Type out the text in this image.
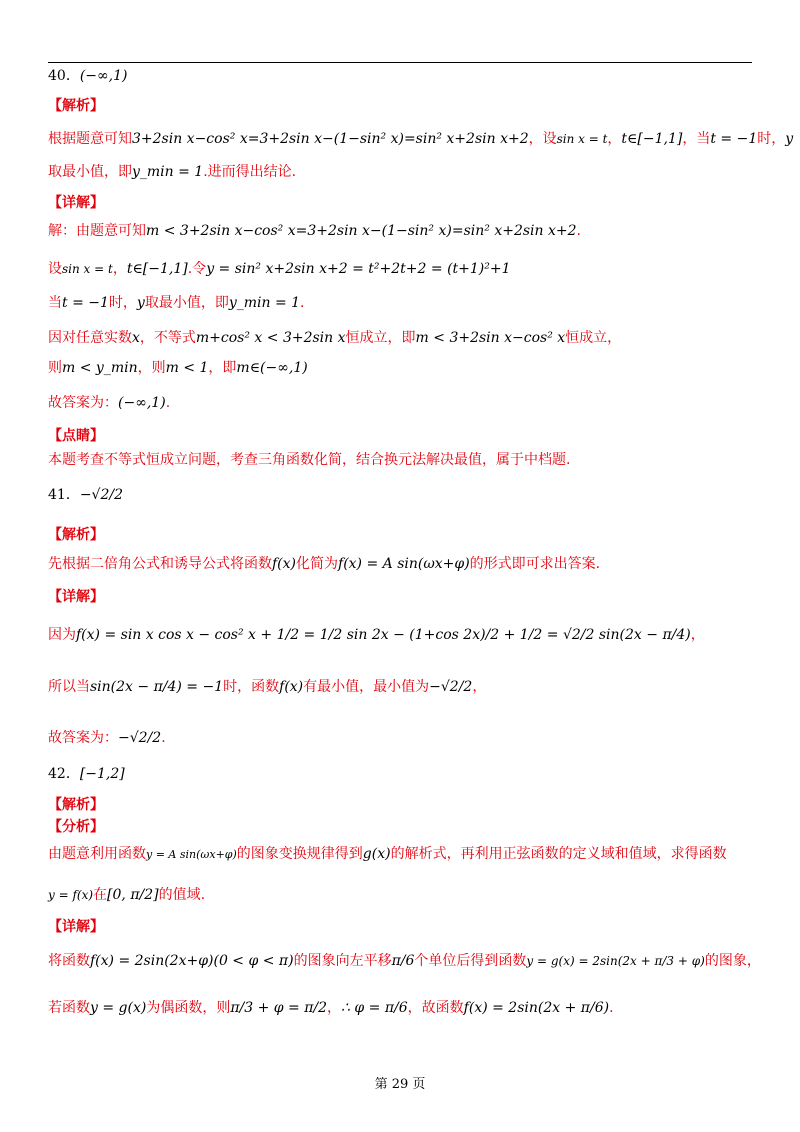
40．(−∞,1)
【解析】
根据题意可知3+2sin x−cos² x=3+2sin x−(1−sin² x)=sin² x+2sin x+2，设sin x = t，t∈[−1,1]，当t = −1时，y
取最小值，即y_min = 1.进而得出结论.
【详解】
解：由题意可知m < 3+2sin x−cos² x=3+2sin x−(1−sin² x)=sin² x+2sin x+2.
设sin x = t，t∈[−1,1].令y = sin² x+2sin x+2 = t²+2t+2 = (t+1)²+1
当t = −1时，y取最小值，即y_min = 1.
因对任意实数x，不等式m+cos² x < 3+2sin x恒成立，即m < 3+2sin x−cos² x恒成立，
则m < y_min，则m < 1，即m∈(−∞,1)
故答案为：(−∞,1).
【点睛】
本题考查不等式恒成立问题，考查三角函数化简，结合换元法解决最值，属于中档题.
41．−√2/2
【解析】
先根据二倍角公式和诱导公式将函数f(x)化简为f(x) = A sin(ωx+φ)的形式即可求出答案.
【详解】
因为f(x) = sin x cos x − cos² x + 1/2 = 1/2 sin 2x − (1+cos 2x)/2 + 1/2 = √2/2 sin(2x − π/4)，
所以当sin(2x − π/4) = −1时，函数f(x)有最小值，最小值为−√2/2，
故答案为：−√2/2.
42．[−1,2]
【解析】
【分析】
由题意利用函数y = A sin(ωx+φ)的图象变换规律得到g(x)的解析式，再利用正弦函数的定义域和值域，求得函数
y = f(x)在[0, π/2]的值域.
【详解】
将函数f(x) = 2sin(2x+φ)(0 < φ < π)的图象向左平移π/6个单位后得到函数y = g(x) = 2sin(2x + π/3 + φ)的图象，
若函数y = g(x)为偶函数，则π/3 + φ = π/2，∴ φ = π/6，故函数f(x) = 2sin(2x + π/6).
第 29 页
